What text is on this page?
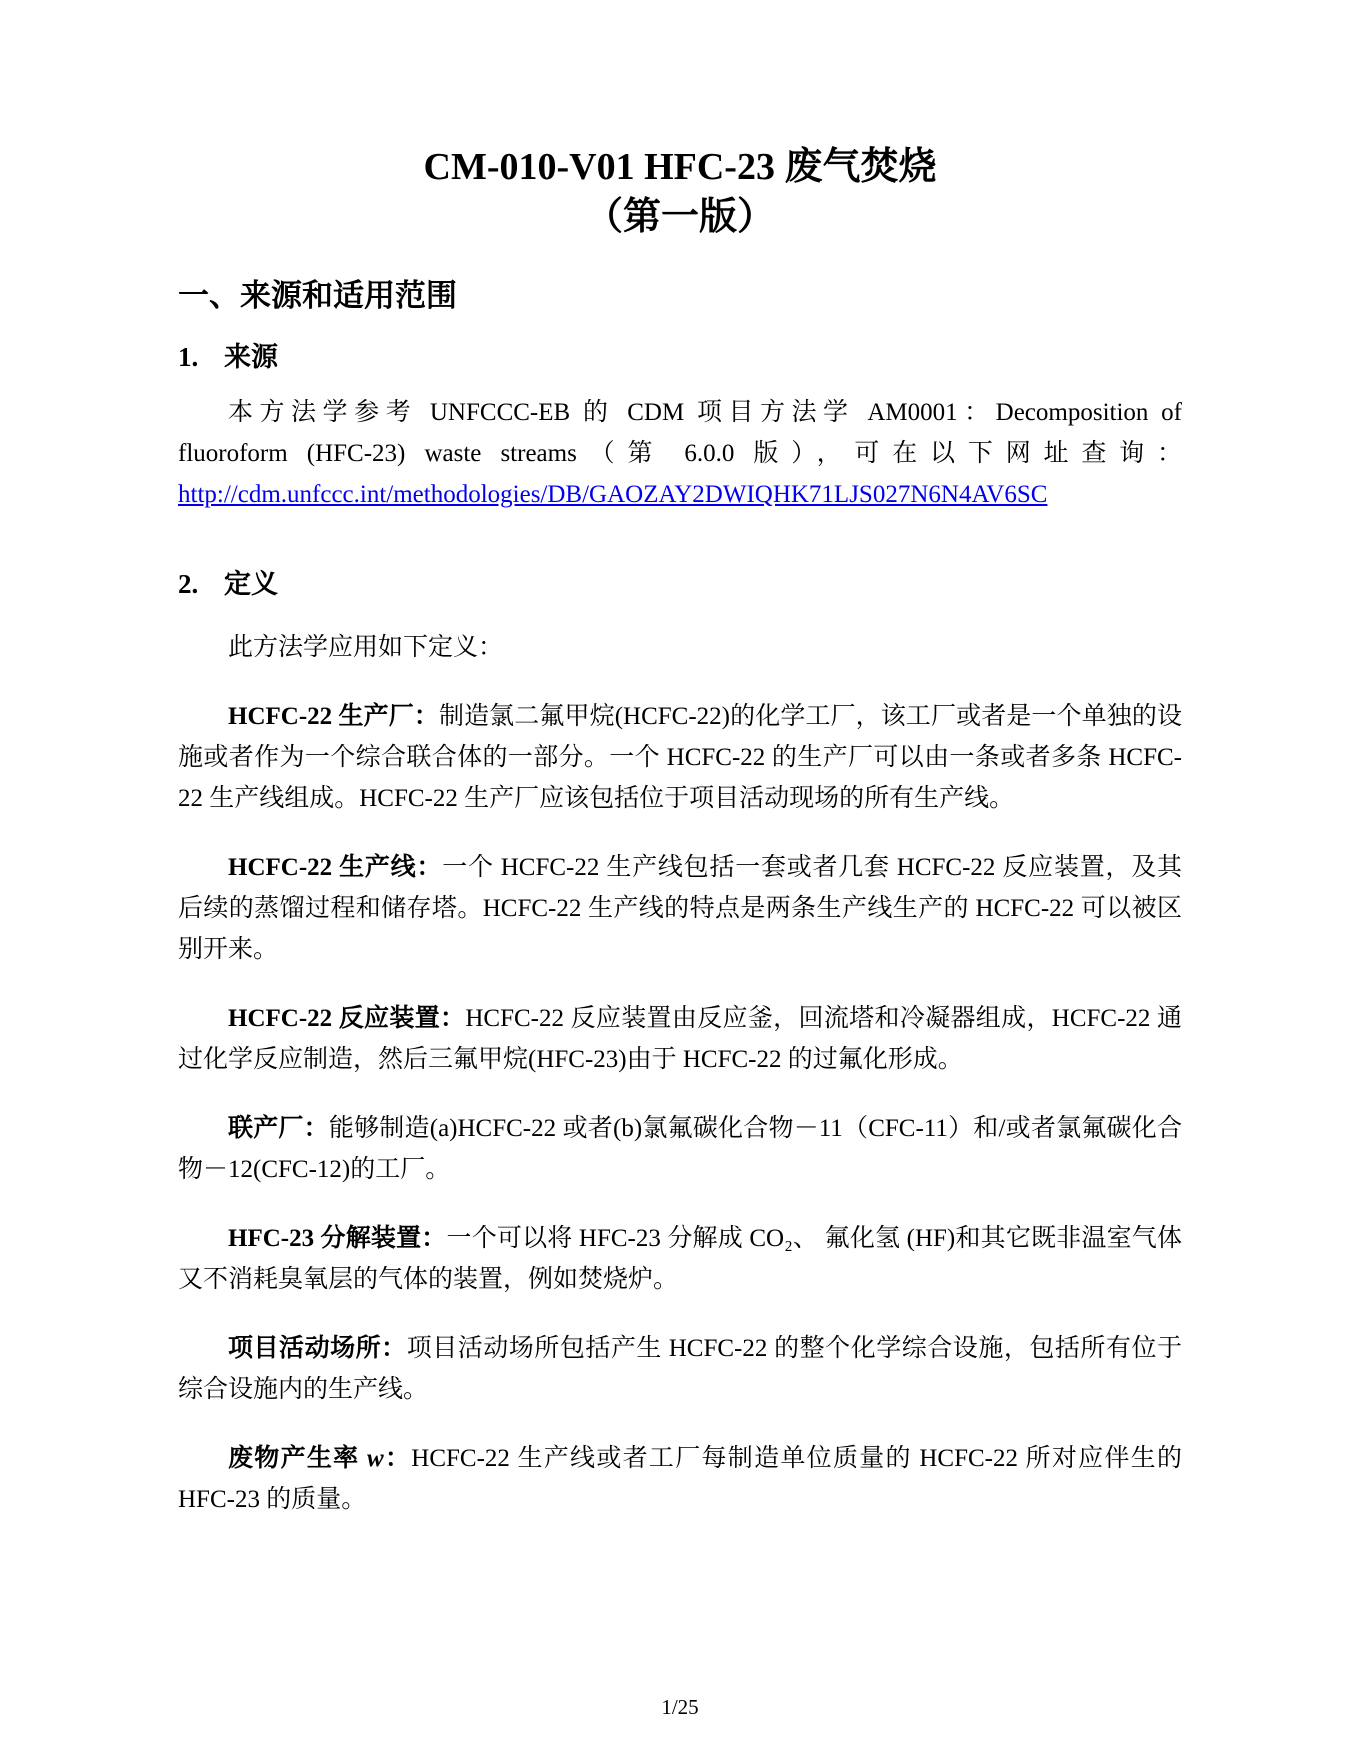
CM-010-V01 HFC-23 废气焚烧
（第一版）
一、来源和适用范围
1. 来源
本方法学参考 UNFCCC-EB 的 CDM 项目方法学 AM0001：Decomposition of
fluoroform (HFC-23) waste streams（第 6.0.0 版），可在以下网址查询：
http://cdm.unfccc.int/methodologies/DB/GAOZAY2DWIQHK71LJS027N6N4AV6SC
2. 定义
此方法学应用如下定义：

HCFC-22 生产厂：制造氯二氟甲烷(HCFC-22)的化学工厂，该工厂或者是一个单独的设施或者作为一个综合联合体的一部分。一个 HCFC-22 的生产厂可以由一条或者多条 HCFC-22 生产线组成。HCFC-22 生产厂应该包括位于项目活动现场的所有生产线。

HCFC-22 生产线：一个 HCFC-22 生产线包括一套或者几套 HCFC-22 反应装置，及其后续的蒸馏过程和储存塔。HCFC-22 生产线的特点是两条生产线生产的 HCFC-22 可以被区别开来。

HCFC-22 反应装置：HCFC-22 反应装置由反应釜，回流塔和冷凝器组成，HCFC-22 通过化学反应制造，然后三氟甲烷(HFC-23)由于 HCFC-22 的过氟化形成。

联产厂：能够制造(a)HCFC-22 或者(b)氯氟碳化合物－11（CFC-11）和/或者氯氟碳化合物－12(CFC-12)的工厂。

HFC-23 分解装置：一个可以将 HFC-23 分解成 CO₂、 氟化氢 (HF)和其它既非温室气体又不消耗臭氧层的气体的装置，例如焚烧炉。

项目活动场所：项目活动场所包括产生 HCFC-22 的整个化学综合设施，包括所有位于综合设施内的生产线。

废物产生率 w：HCFC-22 生产线或者工厂每制造单位质量的 HCFC-22 所对应伴生的 HFC-23 的质量。

1/25
